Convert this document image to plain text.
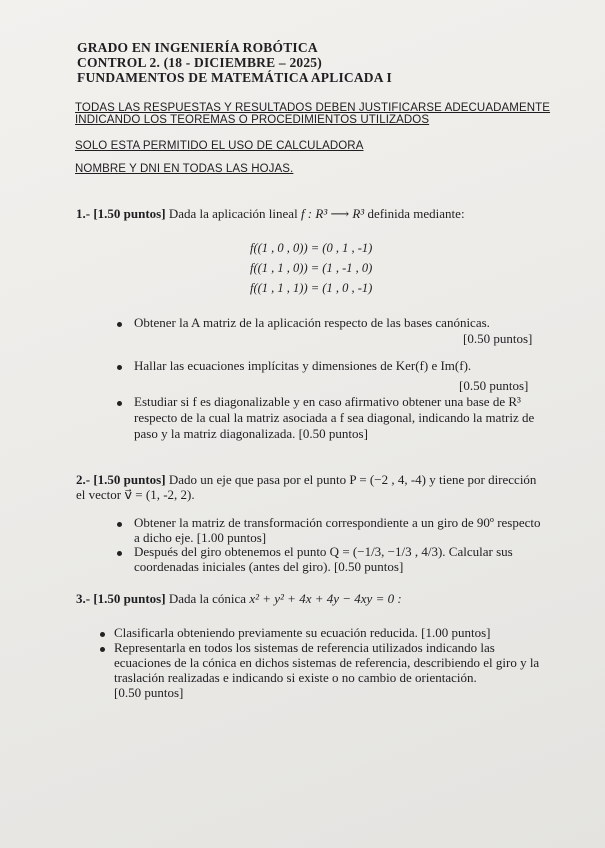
GRADO EN INGENIERÍA ROBÓTICA
CONTROL 2. (18 - DICIEMBRE – 2025)
FUNDAMENTOS DE MATEMÁTICA APLICADA I
TODAS LAS RESPUESTAS Y RESULTADOS DEBEN JUSTIFICARSE ADECUADAMENTE
INDICANDO LOS TEOREMAS O PROCEDIMIENTOS UTILIZADOS
SOLO ESTA PERMITIDO EL USO DE CALCULADORA
NOMBRE Y DNI EN TODAS LAS HOJAS.
1.- [1.50 puntos] Dada la aplicación lineal f : R³ ⟶ R³ definida mediante:
f((1 , 0 , 0)) = (0 , 1 , -1)
f((1 , 1 , 0)) = (1 , -1 , 0)
f((1 , 1 , 1)) = (1 , 0 , -1)
Obtener la A matriz de la aplicación respecto de las bases canónicas.
[0.50 puntos]
Hallar las ecuaciones implícitas y dimensiones de Ker(f) e Im(f).
[0.50 puntos]
Estudiar si f es diagonalizable y en caso afirmativo obtener una base de R³
respecto de la cual la matriz asociada a f sea diagonal, indicando la matriz de
paso y la matriz diagonalizada. [0.50 puntos]
2.- [1.50 puntos] Dado un eje que pasa por el punto P = (−2 , 4, -4) y tiene por dirección
el vector v⃗ = (1, -2, 2).
Obtener la matriz de transformación correspondiente a un giro de 90º respecto
a dicho eje. [1.00 puntos]
Después del giro obtenemos el punto Q = (−1/3, −1/3 , 4/3). Calcular sus
coordenadas iniciales (antes del giro). [0.50 puntos]
3.- [1.50 puntos] Dada la cónica x² + y² + 4x + 4y − 4xy = 0 :
Clasificarla obteniendo previamente su ecuación reducida. [1.00 puntos]
Representarla en todos los sistemas de referencia utilizados indicando las
ecuaciones de la cónica en dichos sistemas de referencia, describiendo el giro y la
traslación realizadas e indicando si existe o no cambio de orientación.
[0.50 puntos]
